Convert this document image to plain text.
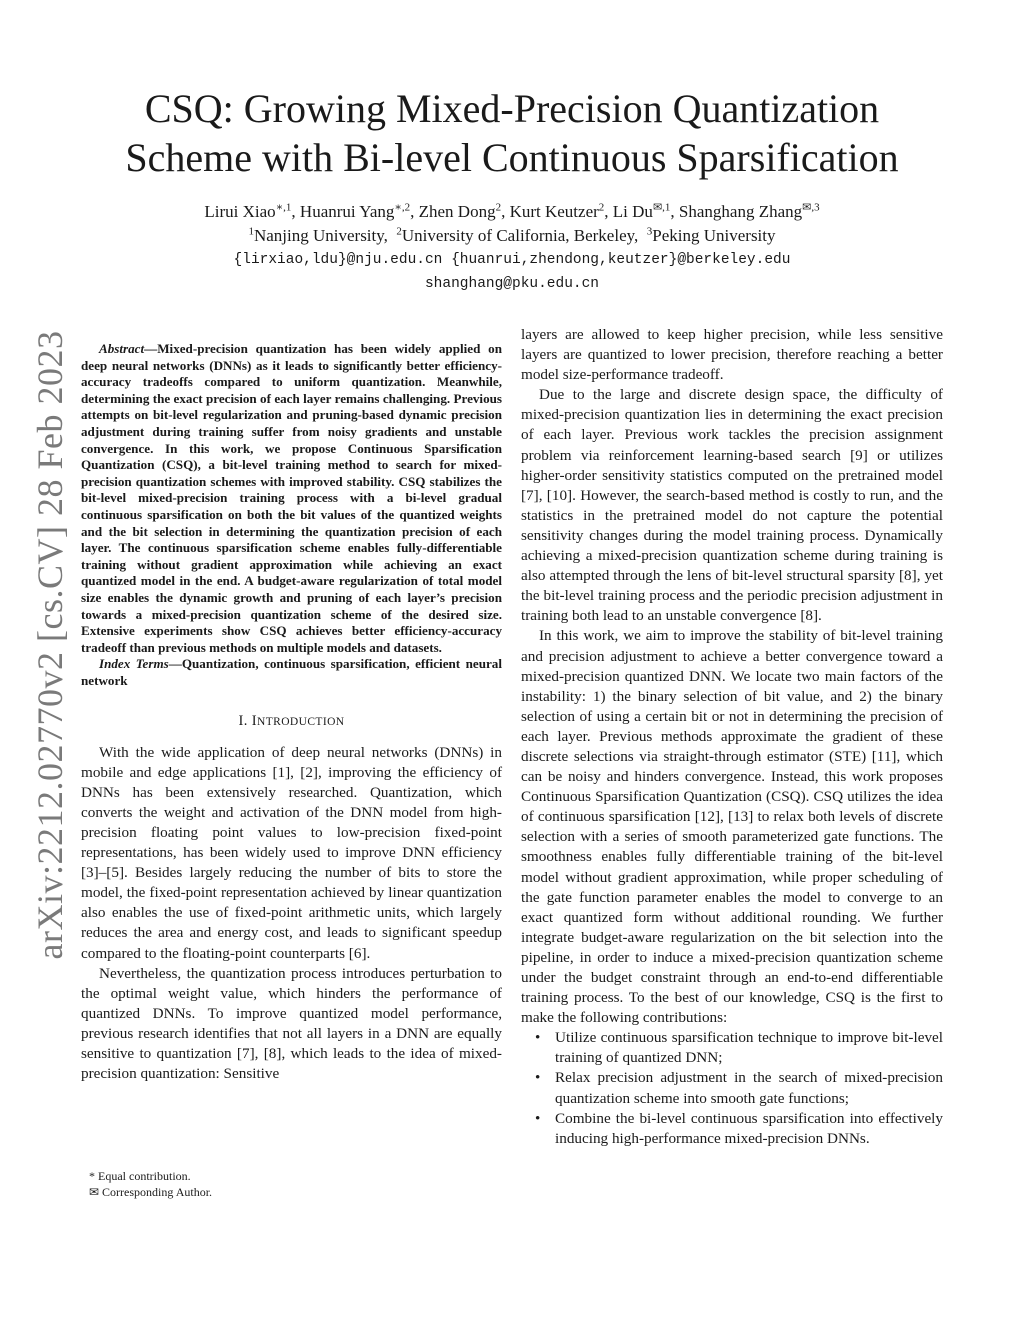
arXiv:2212.02770v2 [cs.CV] 28 Feb 2023
CSQ: Growing Mixed-Precision Quantization
Scheme with Bi-level Continuous Sparsification
Lirui Xiao$^{∗,1}$, Huanrui Yang$^{∗,2}$, Zhen Dong$^2$, Kurt Keutzer$^2$, Li $Du^{✉,1}$, Shanghang Zhang$^{✉,3}$
$^1$Nanjing University, $^2$University of California, Berkeley, $^3$Peking University
{lirxiao,ldu}@nju.edu.cn {huanrui,zhendong,keutzer}@berkeley.edu
shanghang@pku.edu.cn

Abstract—Mixed-precision quantization has been widely applied on deep neural networks (DNNs) as it leads to significantly better efficiency-accuracy tradeoffs compared to uniform quantization. Meanwhile, determining the exact precision of each layer remains challenging. Previous attempts on bit-level regularization and pruning-based dynamic precision adjustment during training suffer from noisy gradients and unstable convergence. In this work, we propose Continuous Sparsification Quantization (CSQ), a bit-level training method to search for mixed-precision quantization schemes with improved stability. CSQ stabilizes the bit-level mixed-precision training process with a bi-level gradual continuous sparsification on both the bit values of the quantized weights and the bit selection in determining the quantization precision of each layer. The continuous sparsification scheme enables fully-differentiable training without gradient approximation while achieving an exact quantized model in the end. A budget-aware regularization of total model size enables the dynamic growth and pruning of each layer’s precision towards a mixed-precision quantization scheme of the desired size. Extensive experiments show CSQ achieves better efficiency-accuracy tradeoff than previous methods on multiple models and datasets.

Index Terms—Quantization, continuous sparsification, efficient neural network

I. INTRODUCTION

With the wide application of deep neural networks (DNNs) in mobile and edge applications [1], [2], improving the efficiency of DNNs has been extensively researched. Quantization, which converts the weight and activation of the DNN model from high-precision floating point values to low-precision fixed-point representations, has been widely used to improve DNN efficiency [3]–[5]. Besides largely reducing the number of bits to store the model, the fixed-point representation achieved by linear quantization also enables the use of fixed-point arithmetic units, which largely reduces the area and energy cost, and leads to significant speedup compared to the floating-point counterparts [6].

Nevertheless, the quantization process introduces perturbation to the optimal weight value, which hinders the performance of quantized DNNs. To improve quantized model performance, previous research identifies that not all layers in a DNN are equally sensitive to quantization [7], [8], which leads to the idea of mixed-precision quantization: Sensitive

* Equal contribution.
✉ Corresponding Author.

layers are allowed to keep higher precision, while less sensitive layers are quantized to lower precision, therefore reaching a better model size-performance tradeoff.

Due to the large and discrete design space, the difficulty of mixed-precision quantization lies in determining the exact precision of each layer. Previous work tackles the precision assignment problem via reinforcement learning-based search [9] or utilizes higher-order sensitivity statistics computed on the pretrained model [7], [10]. However, the search-based method is costly to run, and the statistics in the pretrained model do not capture the potential sensitivity changes during the model training process. Dynamically achieving a mixed-precision quantization scheme during training is also attempted through the lens of bit-level structural sparsity [8], yet the bit-level training process and the periodic precision adjustment in training both lead to an unstable convergence [8].

In this work, we aim to improve the stability of bit-level training and precision adjustment to achieve a better convergence toward a mixed-precision quantized DNN. We locate two main factors of the instability: 1) the binary selection of bit value, and 2) the binary selection of using a certain bit or not in determining the precision of each layer. Previous methods approximate the gradient of these discrete selections via straight-through estimator (STE) [11], which can be noisy and hinders convergence. Instead, this work proposes Continuous Sparsification Quantization (CSQ). CSQ utilizes the idea of continuous sparsification [12], [13] to relax both levels of discrete selection with a series of smooth parameterized gate functions. The smoothness enables fully differentiable training of the bit-level model without gradient approximation, while proper scheduling of the gate function parameter enables the model to converge to an exact quantized form without additional rounding. We further integrate budget-aware regularization on the bit selection into the pipeline, in order to induce a mixed-precision quantization scheme under the budget constraint through an end-to-end differentiable training process. To the best of our knowledge, CSQ is the first to make the following contributions:

• Utilize continuous sparsification technique to improve bit-level training of quantized DNN;
• Relax precision adjustment in the search of mixed-precision quantization scheme into smooth gate functions;
• Combine the bi-level continuous sparsification into effectively inducing high-performance mixed-precision DNNs.
